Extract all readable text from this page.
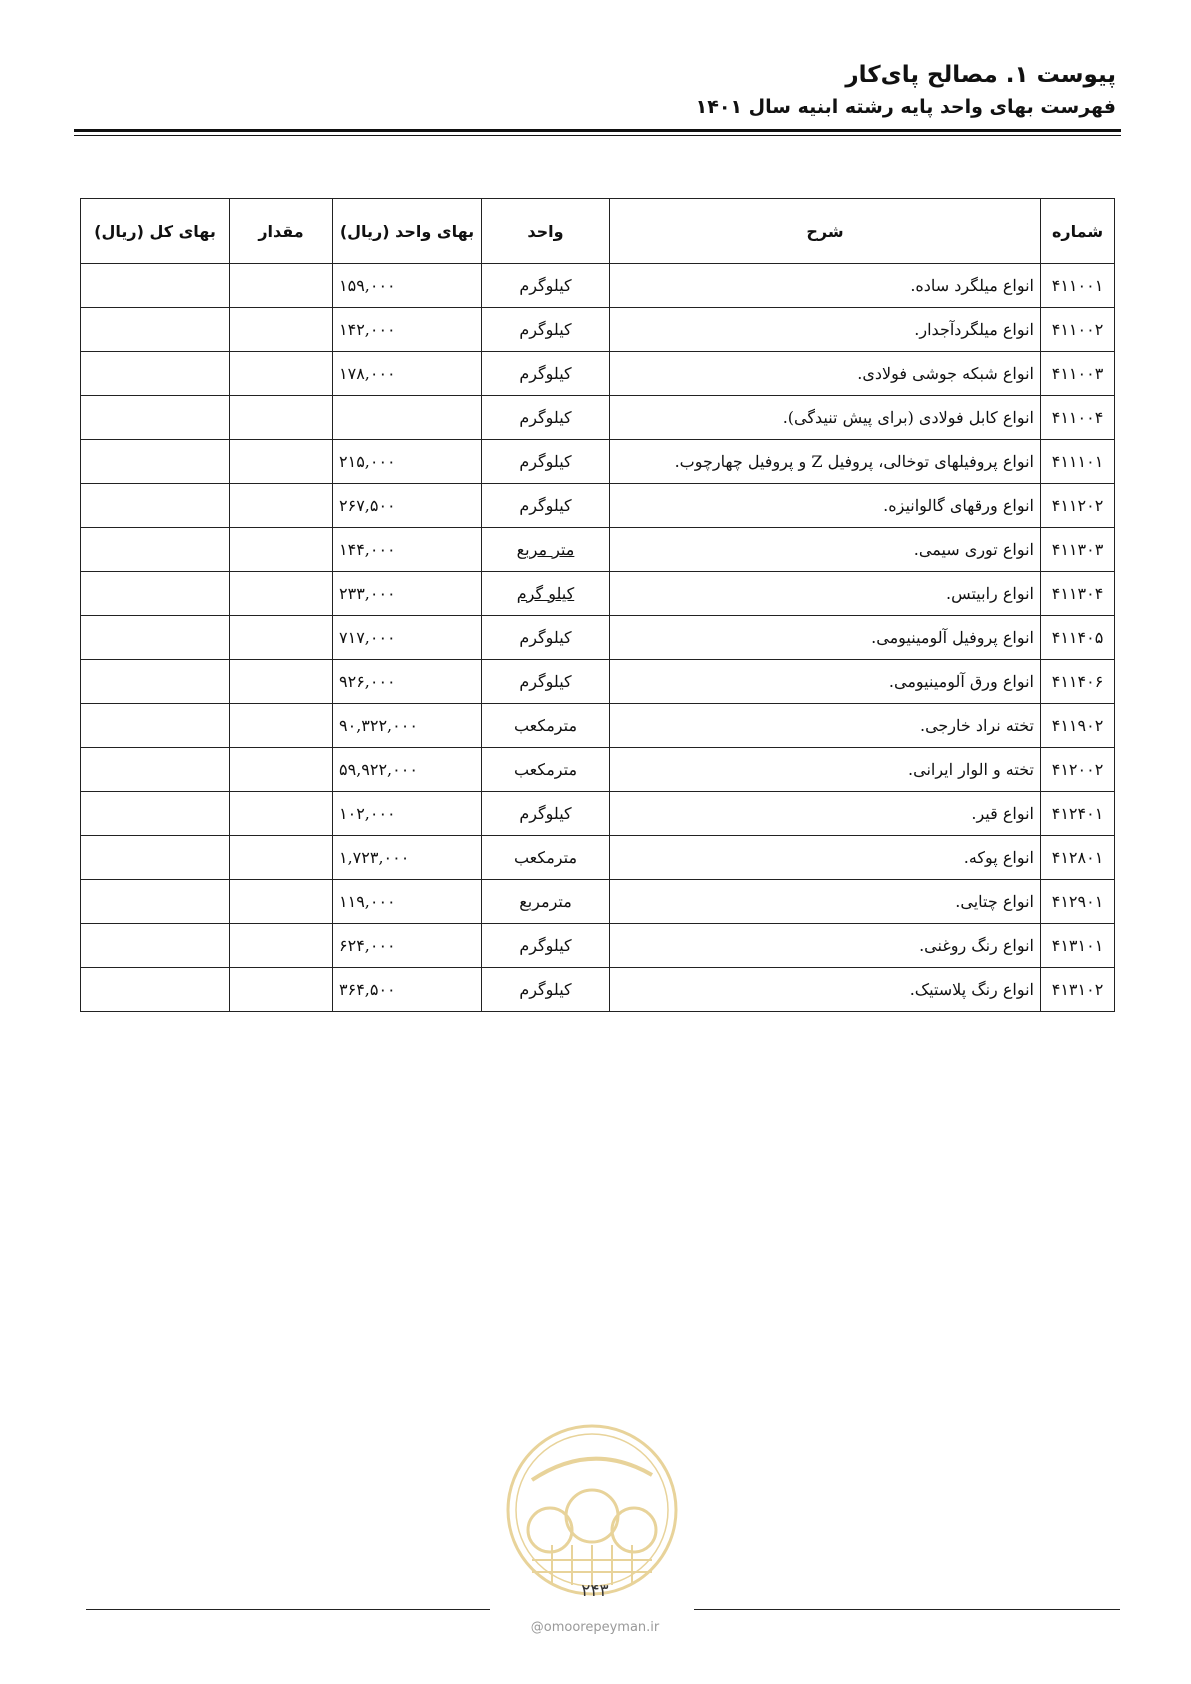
پیوست ۱. مصالح پای‌کار
فهرست بهای واحد پایه رشته ابنیه سال ۱۴۰۱
شماره	شرح	واحد	بهای واحد (ریال)	مقدار	بهای کل (ریال)
۴۱۱۰۰۱	انواع میلگرد ساده.	کیلوگرم	۱۵۹,۰۰۰		
۴۱۱۰۰۲	انواع میلگردآجدار.	کیلوگرم	۱۴۲,۰۰۰		
۴۱۱۰۰۳	انواع شبکه جوشی فولادی.	کیلوگرم	۱۷۸,۰۰۰		
۴۱۱۰۰۴	انواع کابل فولادی (برای پیش تنیدگی).	کیلوگرم			
۴۱۱۱۰۱	انواع پروفیلهای توخالی، پروفیل Z و پروفیل چهارچوب.	کیلوگرم	۲۱۵,۰۰۰		
۴۱۱۲۰۲	انواع ورقهای گالوانیزه.	کیلوگرم	۲۶۷,۵۰۰		
۴۱۱۳۰۳	انواع توری سیمی.	متر مربع	۱۴۴,۰۰۰		
۴۱۱۳۰۴	انواع رابیتس.	کیلو گرم	۲۳۳,۰۰۰		
۴۱۱۴۰۵	انواع پروفیل آلومینیومی.	کیلوگرم	۷۱۷,۰۰۰		
۴۱۱۴۰۶	انواع ورق آلومینیومی.	کیلوگرم	۹۲۶,۰۰۰		
۴۱۱۹۰۲	تخته نراد خارجی.	مترمکعب	۹۰,۳۲۲,۰۰۰		
۴۱۲۰۰۲	تخته و الوار ایرانی.	مترمکعب	۵۹,۹۲۲,۰۰۰		
۴۱۲۴۰۱	انواع قیر.	کیلوگرم	۱۰۲,۰۰۰		
۴۱۲۸۰۱	انواع پوکه.	مترمکعب	۱,۷۲۳,۰۰۰		
۴۱۲۹۰۱	انواع چتایی.	مترمربع	۱۱۹,۰۰۰		
۴۱۳۱۰۱	انواع رنگ روغنی.	کیلوگرم	۶۲۴,۰۰۰		
۴۱۳۱۰۲	انواع رنگ پلاستیک.	کیلوگرم	۳۶۴,۵۰۰		
۲۴۳
@omoorepeyman.ir
